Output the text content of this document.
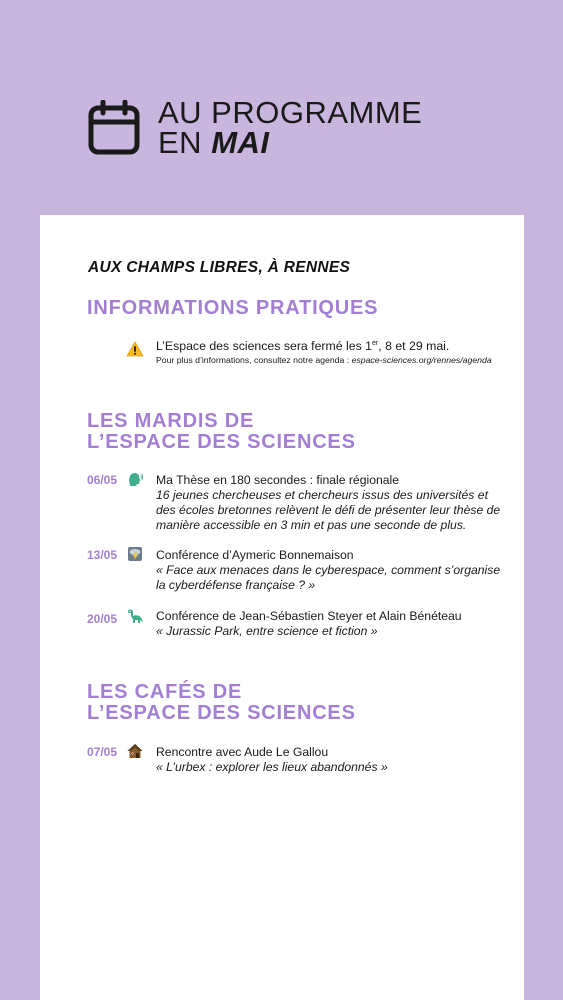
AU PROGRAMME
EN MAI
AUX CHAMPS LIBRES, À RENNES
INFORMATIONS PRATIQUES
L’Espace des sciences sera fermé les 1er, 8 et 29 mai.
Pour plus d’informations, consultez notre agenda : espace-sciences.org/rennes/agenda
LES MARDIS DE
L’ESPACE DES SCIENCES
06/05	Ma Thèse en 180 secondes : finale régionale
16 jeunes chercheuses et chercheurs issus des universités et des écoles bretonnes relèvent le défi de présenter leur thèse de manière accessible en 3 min et pas une seconde de plus.
13/05	Conférence d’Aymeric Bonnemaison
« Face aux menaces dans le cyberespace, comment s’organise la cyberdéfense française ? »
20/05	Conférence de Jean-Sébastien Steyer et Alain Bénéteau
« Jurassic Park, entre science et fiction »
LES CAFÉS DE
L’ESPACE DES SCIENCES
07/05	Rencontre avec Aude Le Gallou
« L’urbex : explorer les lieux abandonnés »
